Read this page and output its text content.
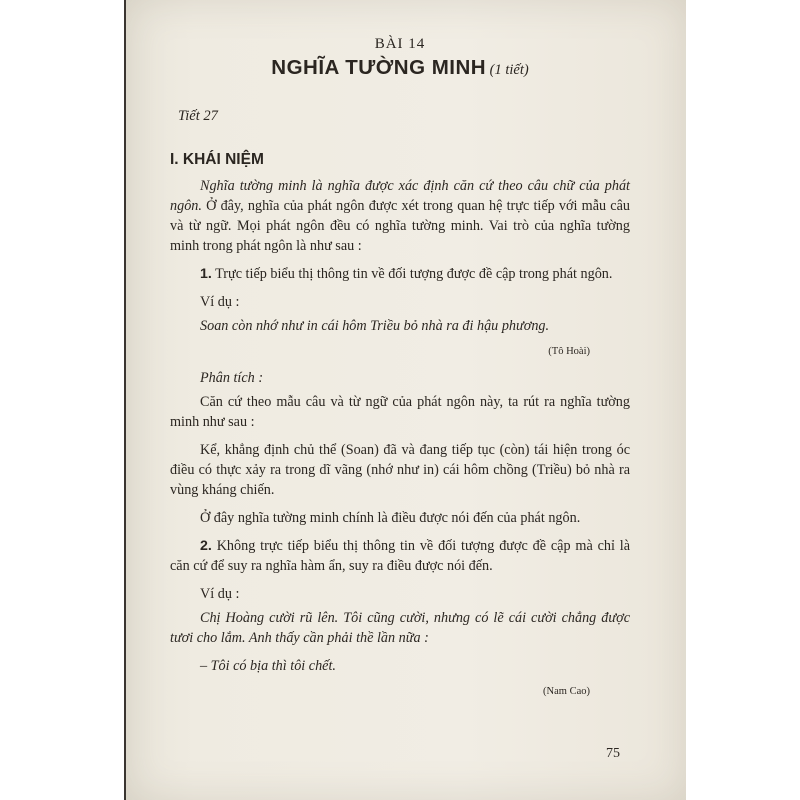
BÀI 14
NGHĨA TƯỜNG MINH (1 tiết)
Tiết 27
I. KHÁI NIỆM

Nghĩa tường minh là nghĩa được xác định căn cứ theo câu chữ của phát ngôn. Ở đây, nghĩa của phát ngôn được xét trong quan hệ trực tiếp với mẫu câu và từ ngữ. Mọi phát ngôn đều có nghĩa tường minh. Vai trò của nghĩa tường minh trong phát ngôn là như sau :

1. Trực tiếp biểu thị thông tin về đối tượng được đề cập trong phát ngôn.

Ví dụ :

Soan còn nhớ như in cái hôm Triều bỏ nhà ra đi hậu phương.

(Tô Hoài)
Phân tích :

Căn cứ theo mẫu câu và từ ngữ của phát ngôn này, ta rút ra nghĩa tường minh như sau :

Kể, khẳng định chủ thể (Soan) đã và đang tiếp tục (còn) tái hiện trong óc điều có thực xảy ra trong dĩ vãng (nhớ như in) cái hôm chồng (Triều) bỏ nhà ra vùng kháng chiến.

Ở đây nghĩa tường minh chính là điều được nói đến của phát ngôn.

2. Không trực tiếp biểu thị thông tin về đối tượng được đề cập mà chỉ là căn cứ để suy ra nghĩa hàm ẩn, suy ra điều được nói đến.

Ví dụ :

Chị Hoàng cười rũ lên. Tôi cũng cười, nhưng có lẽ cái cười chẳng được tươi cho lắm. Anh thấy cần phải thề lần nữa :

– Tôi có bịa thì tôi chết.

(Nam Cao)
75
